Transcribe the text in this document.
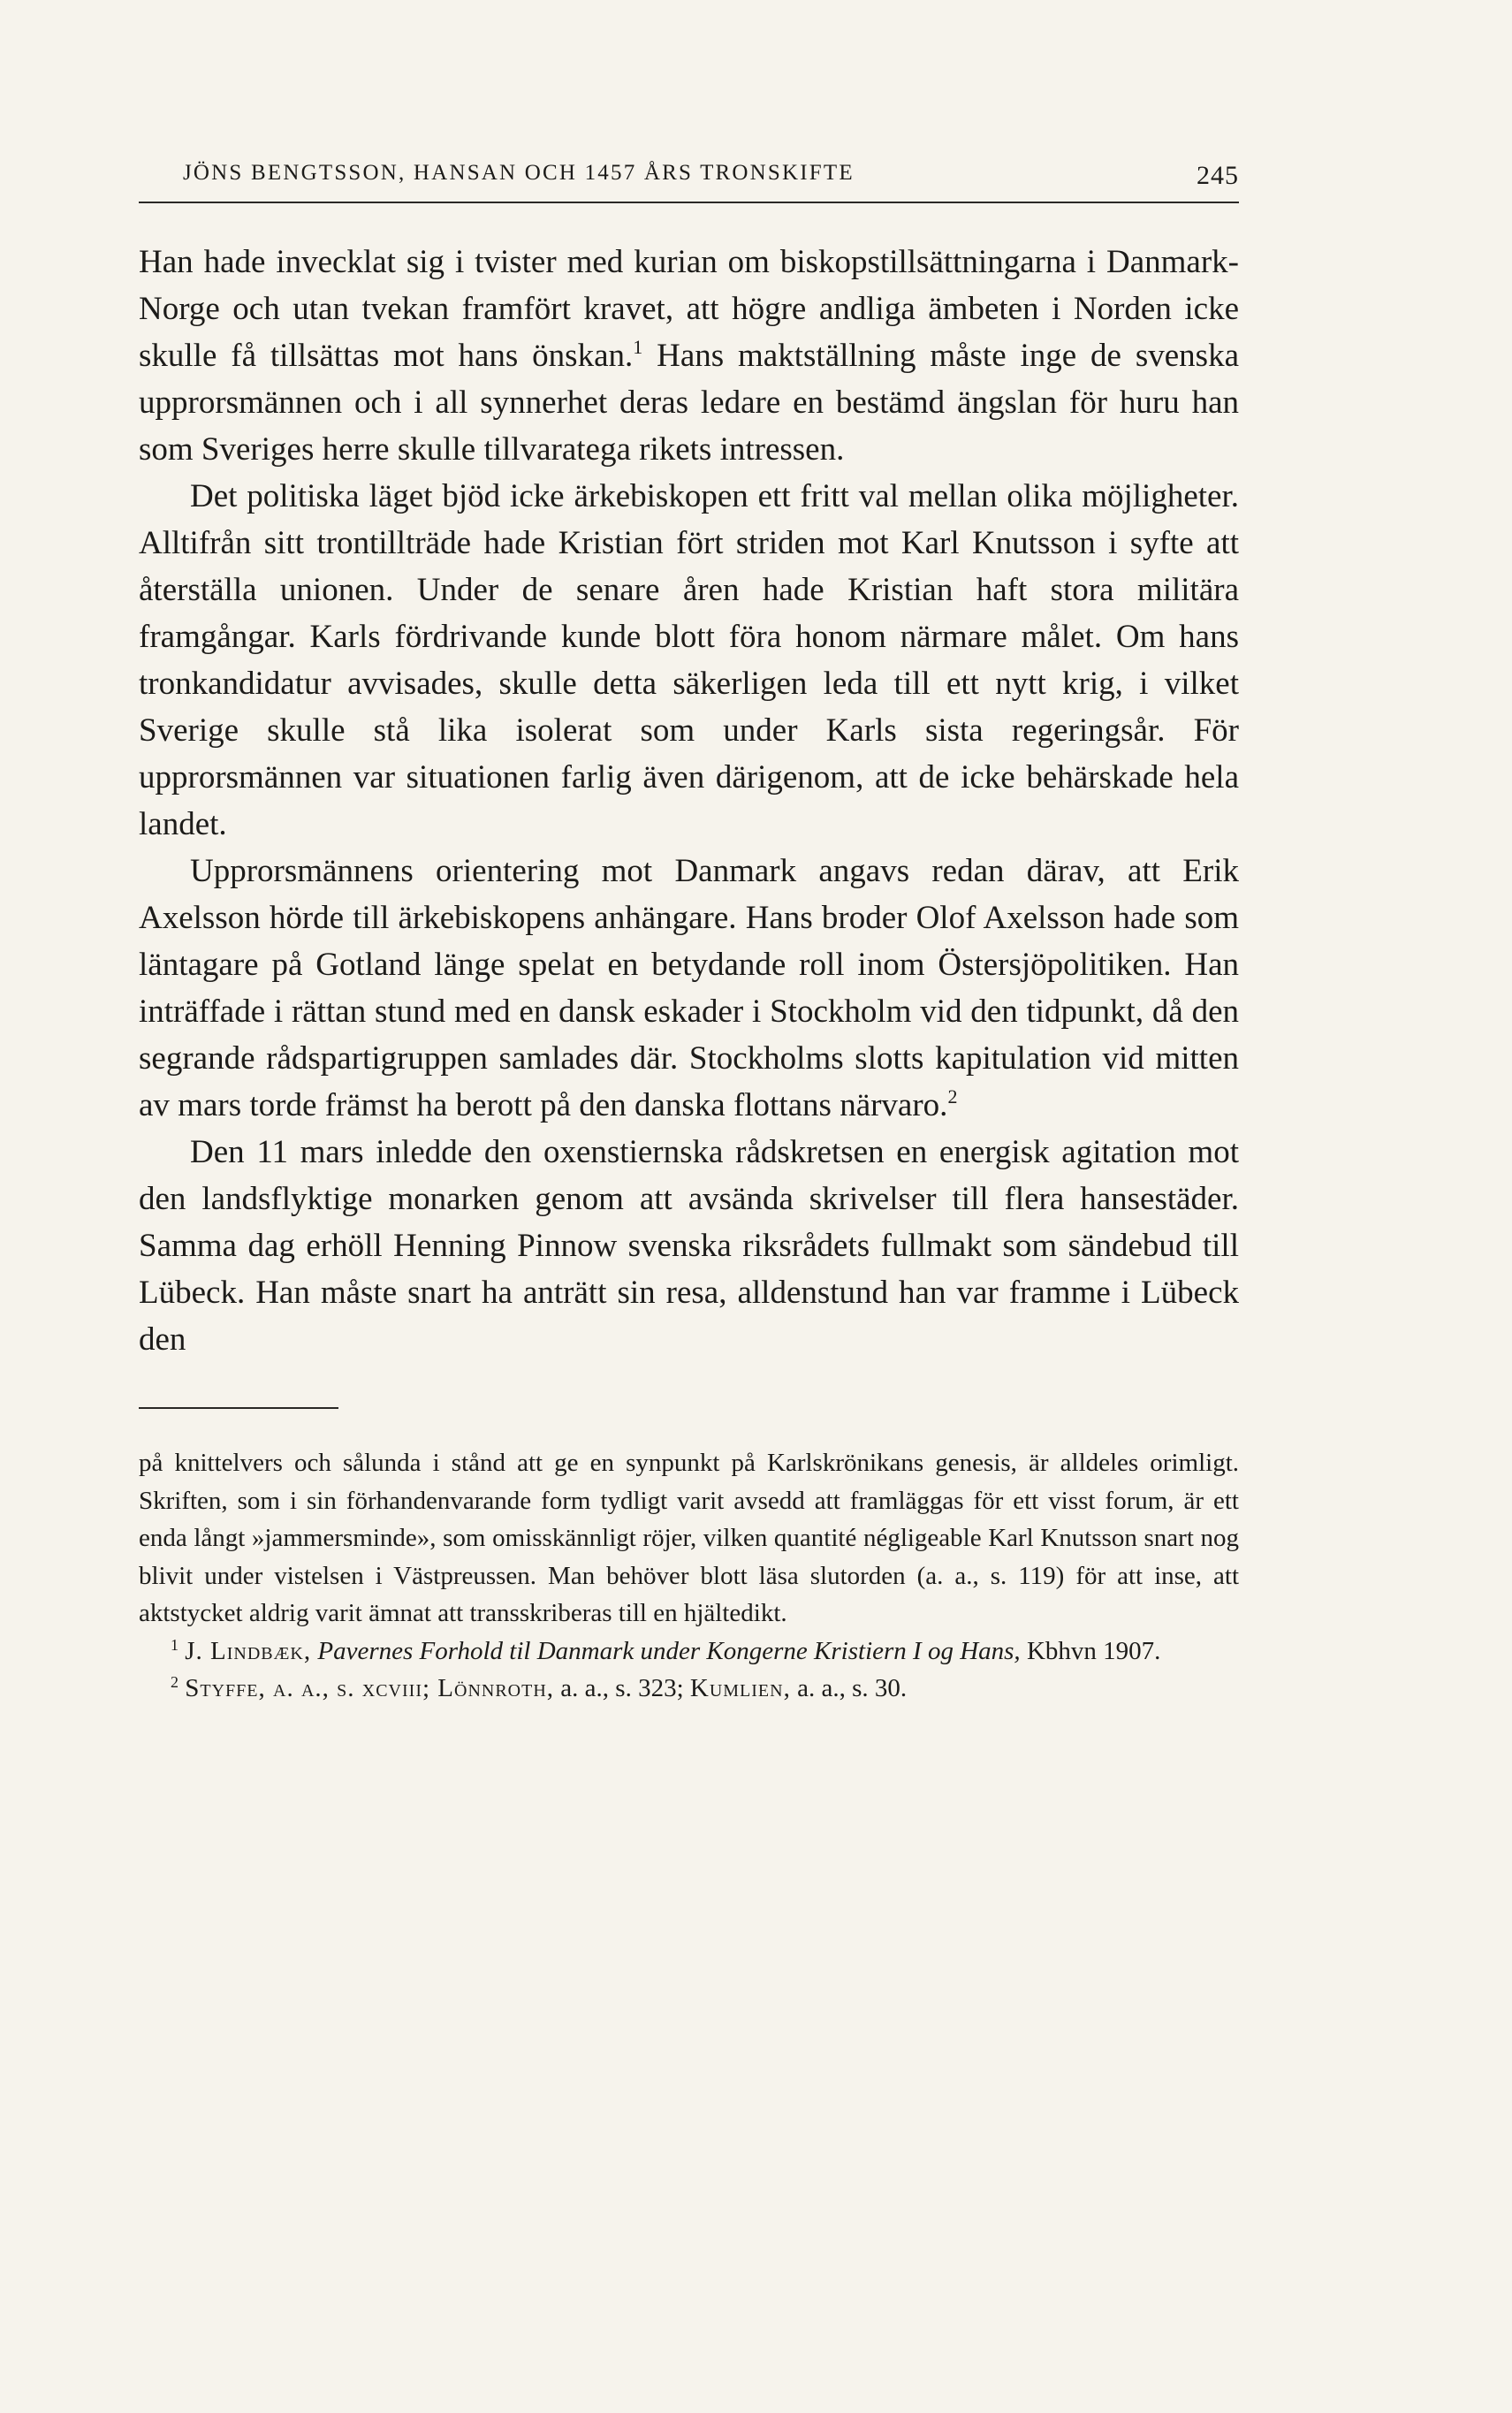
JÖNS BENGTSSON, HANSAN OCH 1457 ÅRS TRONSKIFTE	245

Han hade invecklat sig i tvister med kurian om biskopstillsättningarna i Danmark-Norge och utan tvekan framfört kravet, att högre andliga ämbeten i Norden icke skulle få tillsättas mot hans önskan.$^1$ Hans maktställning måste inge de svenska upprorsmännen och i all synnerhet deras ledare en bestämd ängslan för huru han som Sveriges herre skulle tillvaratega rikets intressen.

Det politiska läget bjöd icke ärkebiskopen ett fritt val mellan olika möjligheter. Alltifrån sitt trontillträde hade Kristian fört striden mot Karl Knutsson i syfte att återställa unionen. Under de senare åren hade Kristian haft stora militära framgångar. Karls fördrivande kunde blott föra honom närmare målet. Om hans tronkandidatur avvisades, skulle detta säkerligen leda till ett nytt krig, i vilket Sverige skulle stå lika isolerat som under Karls sista regeringsår. För upprorsmännen var situationen farlig även därigenom, att de icke behärskade hela landet.

Upprorsmännens orientering mot Danmark angavs redan därav, att Erik Axelsson hörde till ärkebiskopens anhängare. Hans broder Olof Axelsson hade som läntagare på Gotland länge spelat en betydande roll inom Östersjöpolitiken. Han inträffade i rättan stund med en dansk eskader i Stockholm vid den tidpunkt, då den segrande rådspartigruppen samlades där. Stockholms slotts kapitulation vid mitten av mars torde främst ha berott på den danska flottans närvaro.$^2$

Den 11 mars inledde den oxenstiernska rådskretsen en energisk agitation mot den landsflyktige monarken genom att avsända skrivelser till flera hansestäder. Samma dag erhöll Henning Pinnow svenska riksrådets fullmakt som sändebud till Lübeck. Han måste snart ha anträtt sin resa, alldenstund han var framme i Lübeck den

på knittelvers och sålunda i stånd att ge en synpunkt på Karlskrönikans genesis, är alldeles orimligt. Skriften, som i sin förhandenvarande form tydligt varit avsedd att framläggas för ett visst forum, är ett enda långt »jammersminde», som omisskännligt röjer, vilken quantité négligeable Karl Knutsson snart nog blivit under vistelsen i Västpreussen. Man behöver blott läsa slutorden (a. a., s. 119) för att inse, att aktstycket aldrig varit ämnat att transskriberas till en hjältedikt.

$^1$ J. Lindbæk, Pavernes Forhold til Danmark under Kongerne Kristiern I og Hans, Kbhvn 1907.

$^2$ Styffe, a. a., s. xcviii; Lönnroth, a. a., s. 323; Kumlien, a. a., s. 30.
